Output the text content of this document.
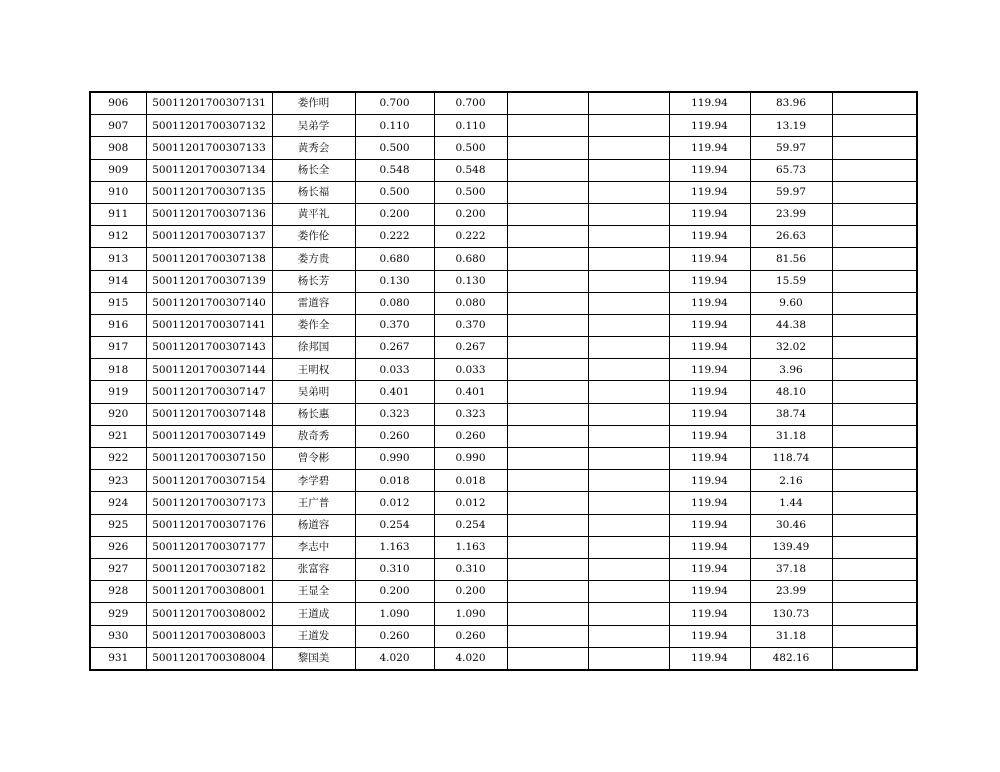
906	50011201700307131	娄作明	0.700	0.700			119.94	83.96	
907	50011201700307132	吴弟学	0.110	0.110			119.94	13.19	
908	50011201700307133	黄秀会	0.500	0.500			119.94	59.97	
909	50011201700307134	杨长全	0.548	0.548			119.94	65.73	
910	50011201700307135	杨长福	0.500	0.500			119.94	59.97	
911	50011201700307136	黄平礼	0.200	0.200			119.94	23.99	
912	50011201700307137	娄作伦	0.222	0.222			119.94	26.63	
913	50011201700307138	娄方贵	0.680	0.680			119.94	81.56	
914	50011201700307139	杨长芳	0.130	0.130			119.94	15.59	
915	50011201700307140	雷道容	0.080	0.080			119.94	9.60	
916	50011201700307141	娄作全	0.370	0.370			119.94	44.38	
917	50011201700307143	徐邦国	0.267	0.267			119.94	32.02	
918	50011201700307144	王明权	0.033	0.033			119.94	3.96	
919	50011201700307147	吴弟明	0.401	0.401			119.94	48.10	
920	50011201700307148	杨长惠	0.323	0.323			119.94	38.74	
921	50011201700307149	敖奇秀	0.260	0.260			119.94	31.18	
922	50011201700307150	曾令彬	0.990	0.990			119.94	118.74	
923	50011201700307154	李学碧	0.018	0.018			119.94	2.16	
924	50011201700307173	王广普	0.012	0.012			119.94	1.44	
925	50011201700307176	杨道容	0.254	0.254			119.94	30.46	
926	50011201700307177	李志中	1.163	1.163			119.94	139.49	
927	50011201700307182	张富容	0.310	0.310			119.94	37.18	
928	50011201700308001	王显全	0.200	0.200			119.94	23.99	
929	50011201700308002	王道成	1.090	1.090			119.94	130.73	
930	50011201700308003	王道发	0.260	0.260			119.94	31.18	
931	50011201700308004	黎国美	4.020	4.020			119.94	482.16	
